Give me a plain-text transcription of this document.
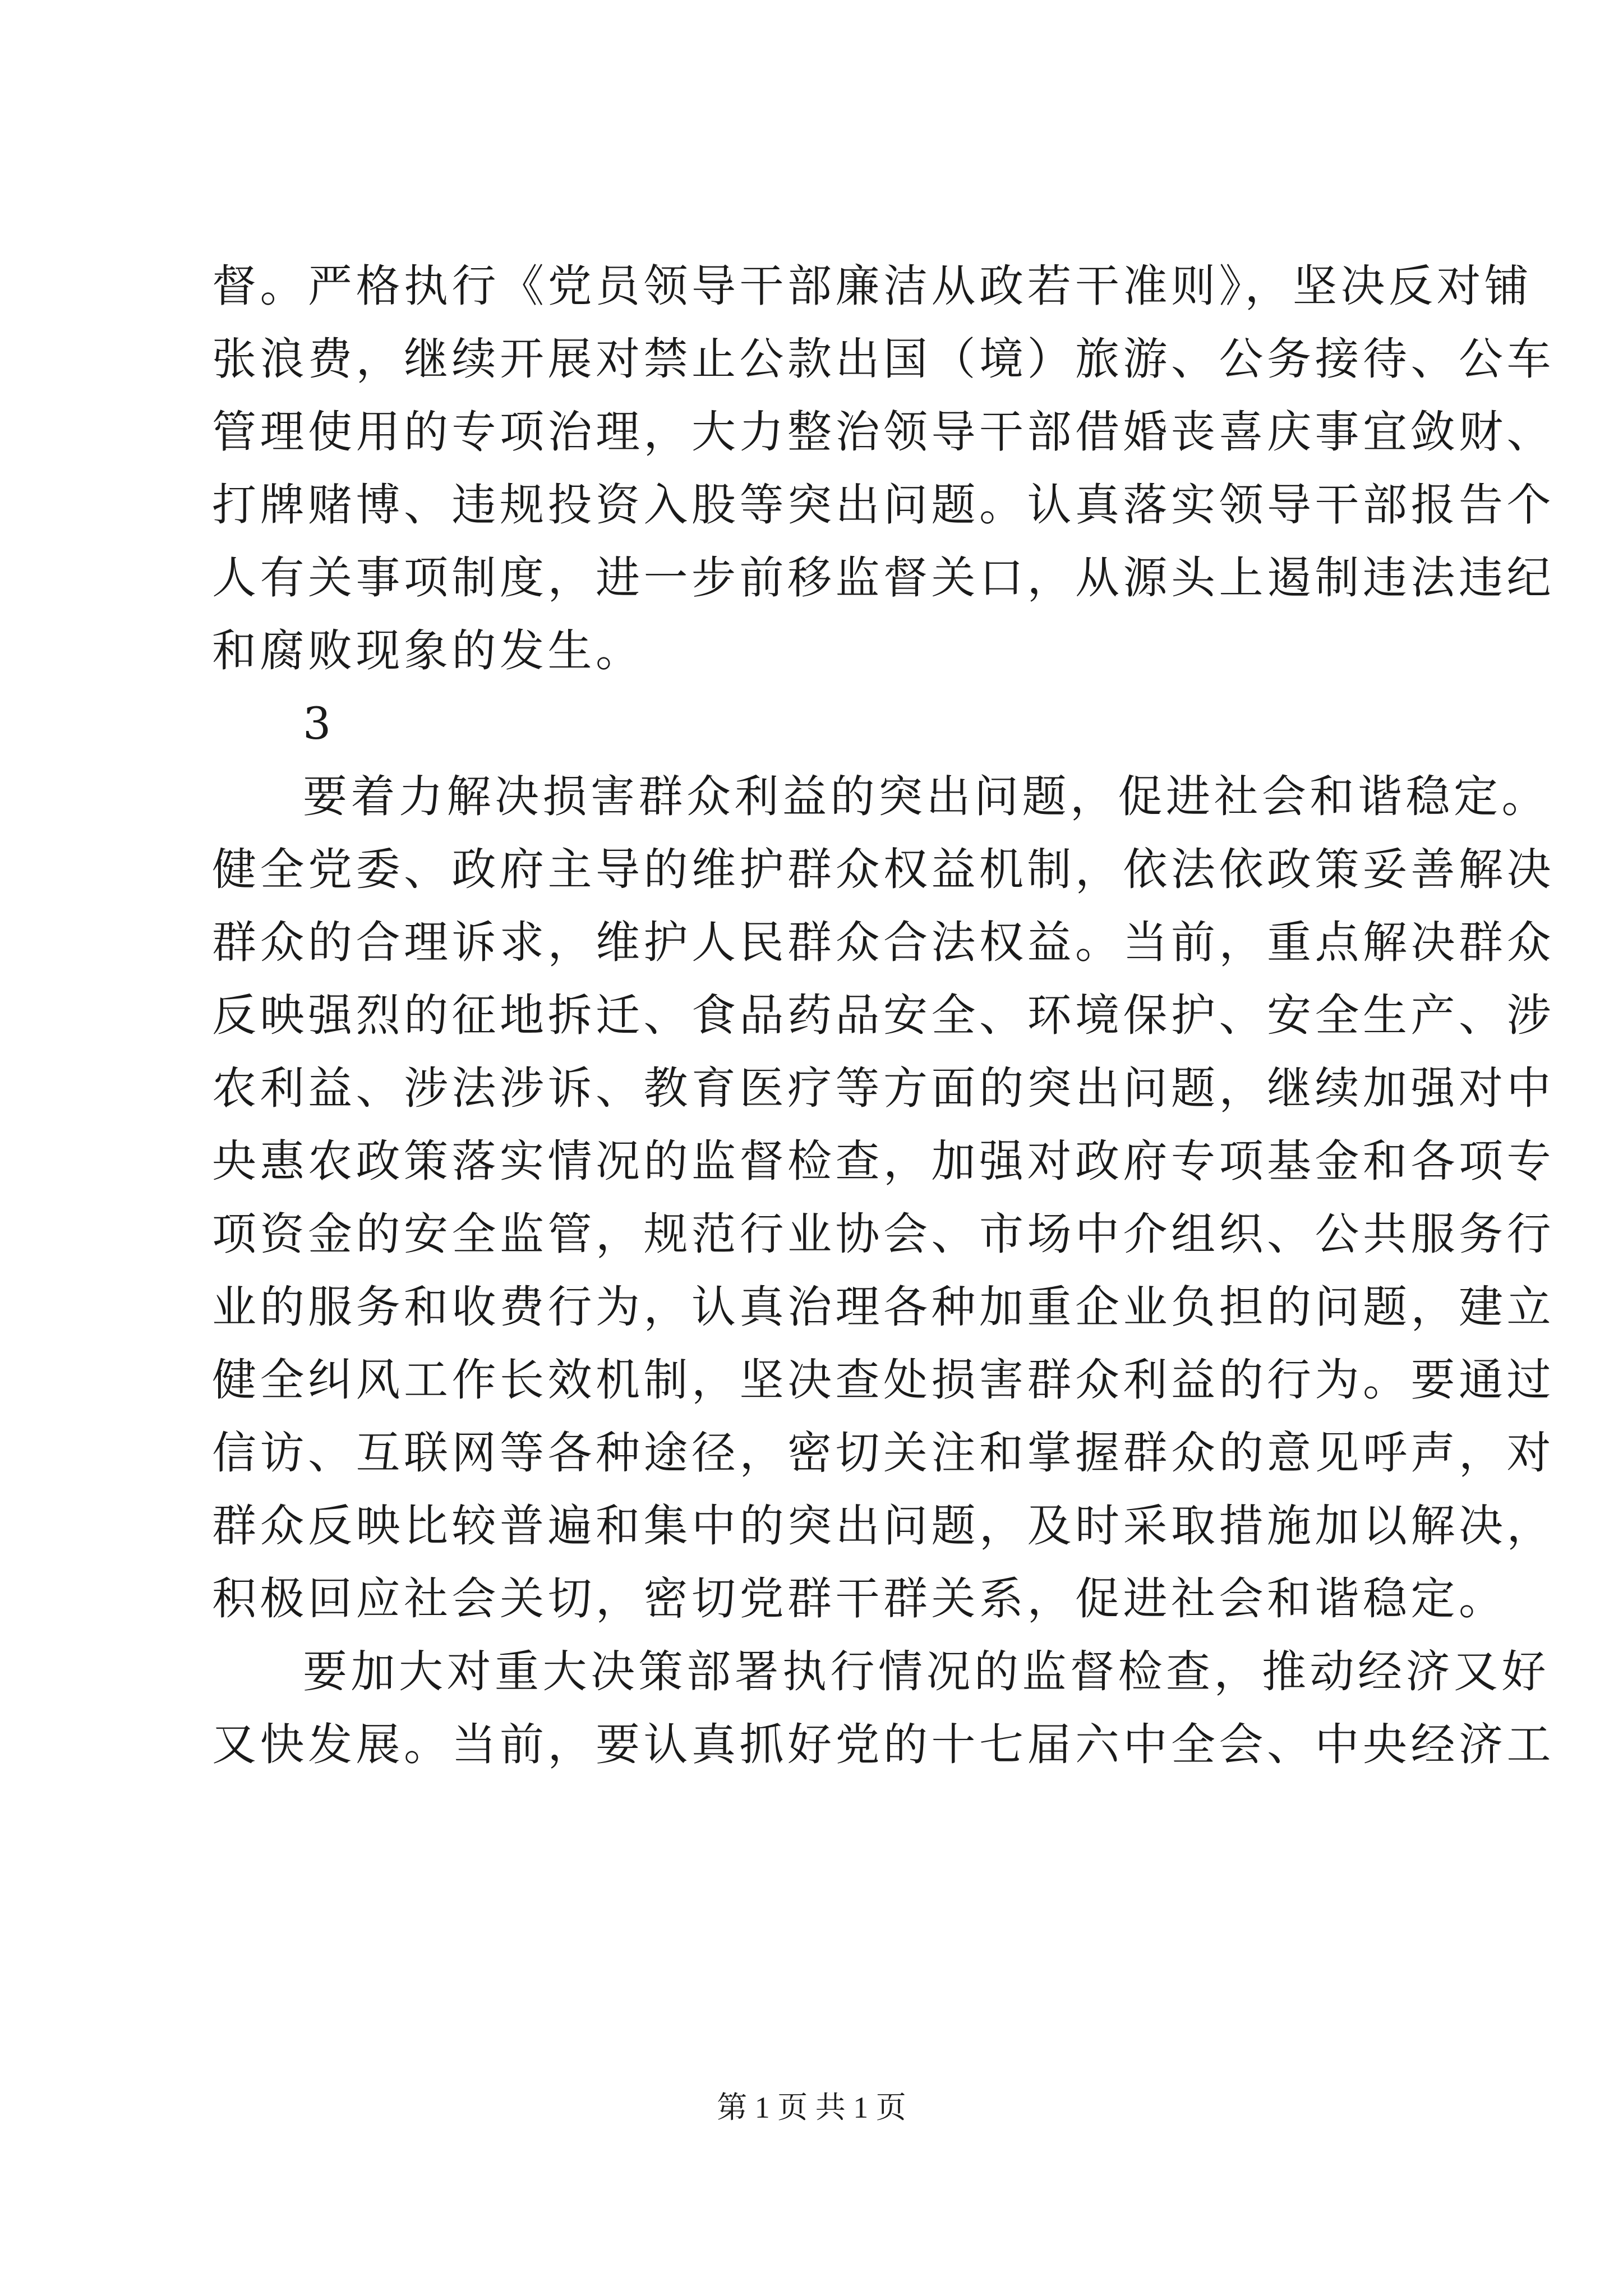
督。严格执行《党员领导干部廉洁从政若干准则》，坚决反对铺
张浪费，继续开展对禁止公款出国（境）旅游、公务接待、公车
管理使用的专项治理，大力整治领导干部借婚丧喜庆事宜敛财、
打牌赌博、违规投资入股等突出问题。认真落实领导干部报告个
人有关事项制度，进一步前移监督关口，从源头上遏制违法违纪
和腐败现象的发生。
3
要着力解决损害群众利益的突出问题，促进社会和谐稳定。
健全党委、政府主导的维护群众权益机制，依法依政策妥善解决
群众的合理诉求，维护人民群众合法权益。当前，重点解决群众
反映强烈的征地拆迁、食品药品安全、环境保护、安全生产、涉
农利益、涉法涉诉、教育医疗等方面的突出问题，继续加强对中
央惠农政策落实情况的监督检查，加强对政府专项基金和各项专
项资金的安全监管，规范行业协会、市场中介组织、公共服务行
业的服务和收费行为，认真治理各种加重企业负担的问题，建立
健全纠风工作长效机制，坚决查处损害群众利益的行为。要通过
信访、互联网等各种途径，密切关注和掌握群众的意见呼声，对
群众反映比较普遍和集中的突出问题，及时采取措施加以解决，
积极回应社会关切，密切党群干群关系，促进社会和谐稳定。
要加大对重大决策部署执行情况的监督检查，推动经济又好
又快发展。当前，要认真抓好党的十七届六中全会、中央经济工
第 1 页 共 1 页
